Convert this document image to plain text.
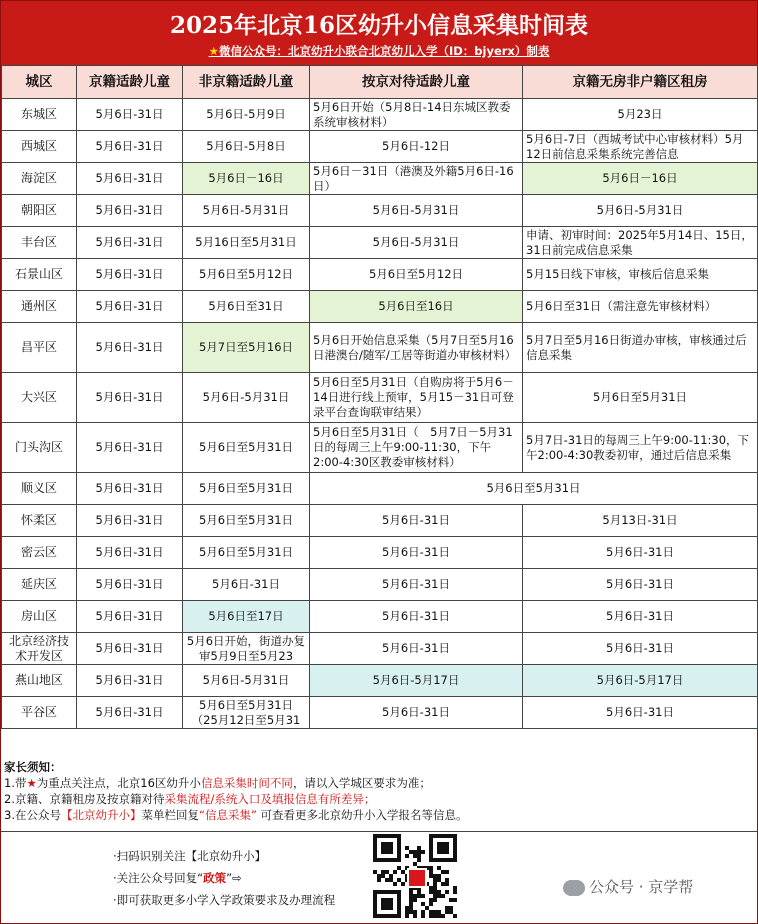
2025年北京16区幼升小信息采集时间表
★微信公众号：北京幼升小联合北京幼儿入学（ID：bjyerx）制表
城区	京籍适龄儿童	非京籍适龄儿童	按京对待适龄儿童	京籍无房非户籍区租房
东城区	5月6日-31日	5月6日-5月9日	5月6日开始（5月8日-14日东城区教委系统审核材料）	5月23日
西城区	5月6日-31日	5月6日-5月8日	5月6日-12日	5月6日-7日（西城考试中心审核材料）5月12日前信息采集系统完善信息
海淀区	5月6日-31日	5月6日－16日	5月6日－31日（港澳及外籍5月6日-16日）	5月6日－16日
朝阳区	5月6日-31日	5月6日-5月31日	5月6日-5月31日	5月6日-5月31日
丰台区	5月6日-31日	5月16日至5月31日	5月6日-5月31日	申请、初审时间：2025年5月14日、15日，31日前完成信息采集
石景山区	5月6日-31日	5月6日至5月12日	5月6日至5月12日	5月15日线下审核，审核后信息采集
通州区	5月6日-31日	5月6日至31日	5月6日至16日	5月6日至31日（需注意先审核材料）
昌平区	5月6日-31日	5月7日至5月16日	5月6日开始信息采集（5月7日至5月16日港澳台/随军/工居等街道办审核材料）	5月7日至5月16日街道办审核，审核通过后信息采集
大兴区	5月6日-31日	5月6日-5月31日	5月6日至5月31日（自购房将于5月6－14日进行线上预审，5月15－31日可登录平台查询联审结果）	5月6日至5月31日
门头沟区	5月6日-31日	5月6日至5月31日	5月6日至5月31日（　5月7日－5月31日的每周三上午9:00-11:30，下午2:00-4:30区教委审核材料）	5月7日-31日的每周三上午9:00-11:30，下午2:00-4:30教委初审，通过后信息采集
顺义区	5月6日-31日	5月6日至5月31日	5月6日至5月31日	
怀柔区	5月6日-31日	5月6日至5月31日	5月6日-31日	5月13日-31日
密云区	5月6日-31日	5月6日至5月31日	5月6日-31日	5月6日-31日
延庆区	5月6日-31日	5月6日-31日	5月6日-31日	5月6日-31日
房山区	5月6日-31日	5月6日至17日	5月6日-31日	5月6日-31日
北京经济技术开发区	5月6日-31日	5月6日开始，街道办复审5月9日至5月23	5月6日-31日	5月6日-31日
燕山地区	5月6日-31日	5月6日-5月31日	5月6日-5月17日	5月6日-5月17日
平谷区	5月6日-31日	5月6日至5月31日（25月12日至5月31	5月6日-31日	5月6日-31日
家长须知：
1.带★为重点关注点，北京16区幼升小信息采集时间不同，请以入学城区要求为准；
2.京籍、京籍租房及按京籍对待采集流程/系统入口及填报信息有所差异；
3.在公众号【北京幼升小】菜单栏回复“信息采集” 可查看更多北京幼升小入学报名等信息。
·扫码识别关注【北京幼升小】
·关注公众号回复“政策”⇨
·即可获取更多小学入学政策要求及办理流程
公众号 · 京学帮
